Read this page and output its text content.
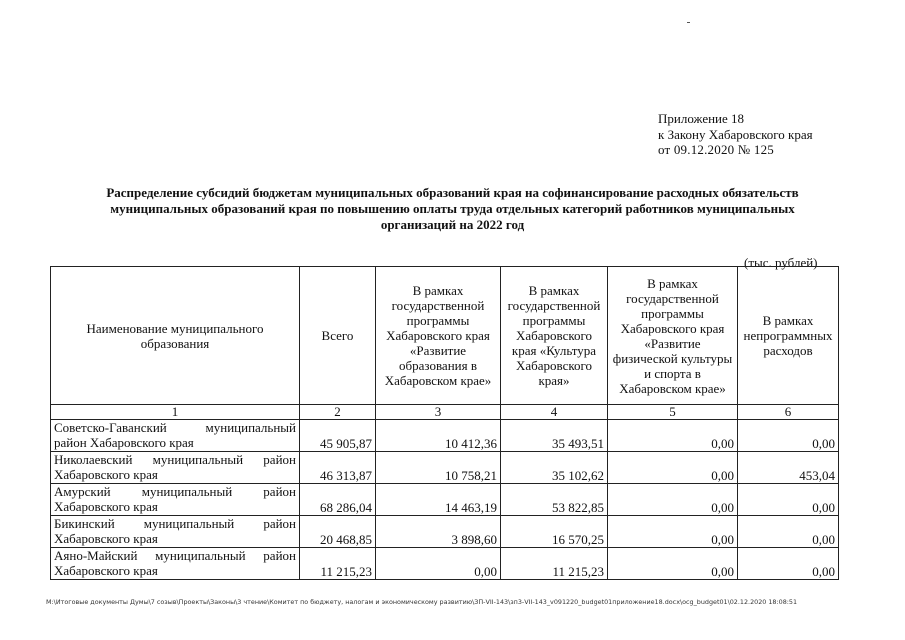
Приложение 18
к Закону Хабаровского края
от 09.12.2020 № 125
Распределение субсидий бюджетам муниципальных образований края на софинансирование расходных обязательств
муниципальных образований края по повышению оплаты труда отдельных категорий работников муниципальных
организаций на 2022 год
(тыс. рублей)
Наименование муниципального образования	Всего	В рамках государственной программы Хабаровского края «Развитие образования в Хабаровском крае»	В рамках государственной программы Хабаровского края «Культура Хабаровского края»	В рамках государственной программы Хабаровского края «Развитие физической культуры и спорта в Хабаровском крае»	В рамках непрограммных расходов
1	2	3	4	5	6
Советско-Гаванский муниципальный район Хабаровского края	45 905,87	10 412,36	35 493,51	0,00	0,00
Николаевский муниципальный район Хабаровского края	46 313,87	10 758,21	35 102,62	0,00	453,04
Амурский муниципальный район Хабаровского края	68 286,04	14 463,19	53 822,85	0,00	0,00
Бикинский муниципальный район Хабаровского края	20 468,85	3 898,60	16 570,25	0,00	0,00
Аяно-Майский муниципальный район Хабаровского края	11 215,23	0,00	11 215,23	0,00	0,00
M:\Итоговые документы Думы\7 созыв\Проекты\Законы\3 чтение\Комитет по бюджету, налогам и экономическому развитию\ЗП-VII-143\зп3-VII-143_v091220_budget01приложение18.docx\ocg_budget01\02.12.2020 18:08:51
